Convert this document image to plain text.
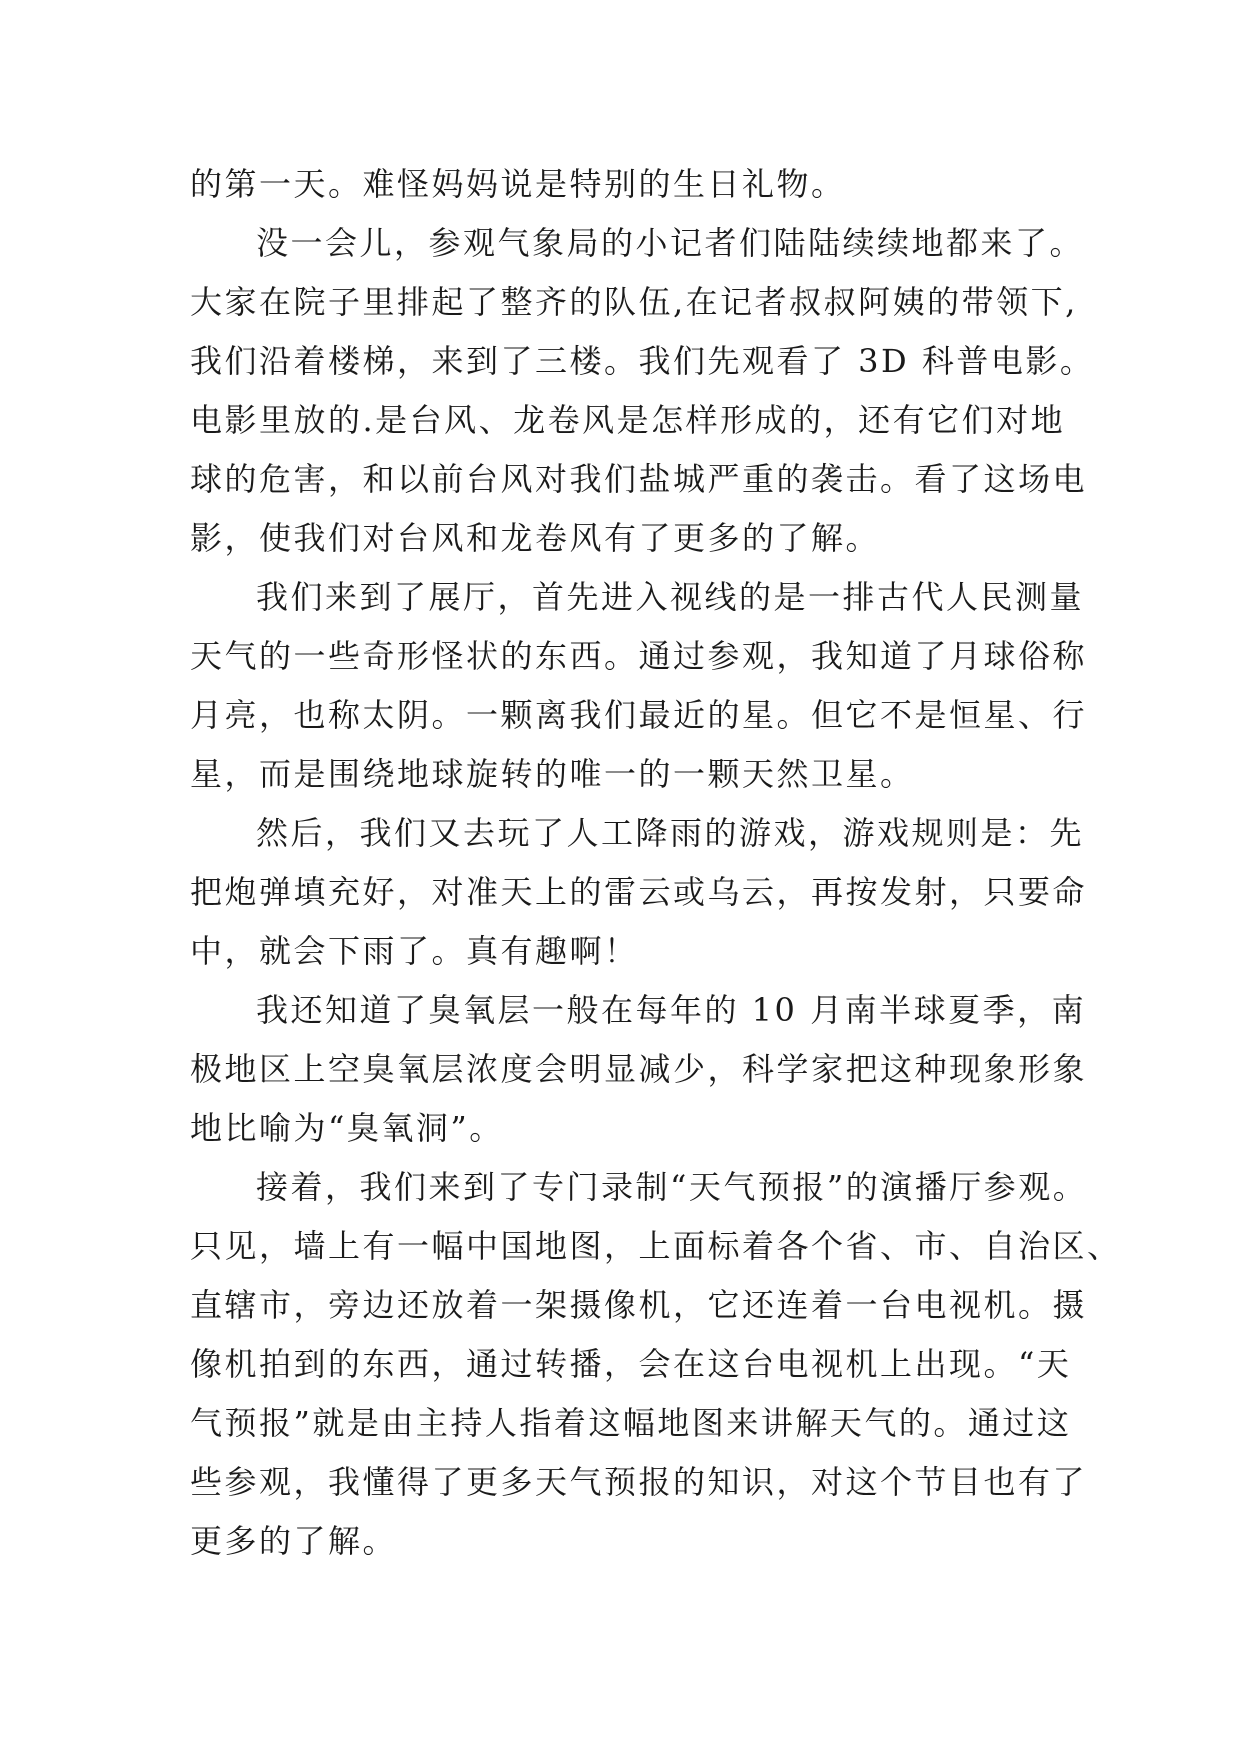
的第一天。难怪妈妈说是特别的生日礼物。
没一会儿，参观气象局的小记者们陆陆续续地都来了。
大家在院子里排起了整齐的队伍,在记者叔叔阿姨的带领下,
我们沿着楼梯，来到了三楼。我们先观看了 3D 科普电影。
电影里放的.是台风、龙卷风是怎样形成的，还有它们对地
球的危害，和以前台风对我们盐城严重的袭击。看了这场电
影，使我们对台风和龙卷风有了更多的了解。
我们来到了展厅，首先进入视线的是一排古代人民测量
天气的一些奇形怪状的东西。通过参观，我知道了月球俗称
月亮，也称太阴。一颗离我们最近的星。但它不是恒星、行
星，而是围绕地球旋转的唯一的一颗天然卫星。
然后，我们又去玩了人工降雨的游戏，游戏规则是：先
把炮弹填充好，对准天上的雷云或乌云，再按发射，只要命
中，就会下雨了。真有趣啊！
我还知道了臭氧层一般在每年的 10 月南半球夏季，南
极地区上空臭氧层浓度会明显减少，科学家把这种现象形象
地比喻为“臭氧洞”。
接着，我们来到了专门录制“天气预报”的演播厅参观。
只见，墙上有一幅中国地图，上面标着各个省、市、自治区、
直辖市，旁边还放着一架摄像机，它还连着一台电视机。摄
像机拍到的东西，通过转播，会在这台电视机上出现。“天
气预报”就是由主持人指着这幅地图来讲解天气的。通过这
些参观，我懂得了更多天气预报的知识，对这个节目也有了
更多的了解。
